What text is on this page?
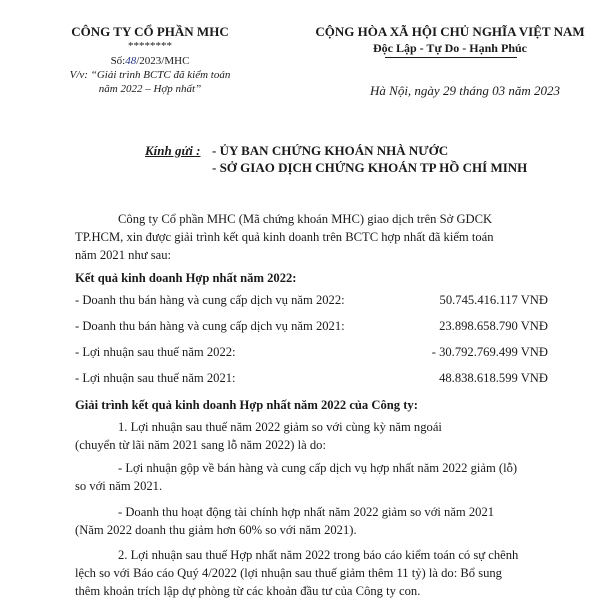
CÔNG TY CỔ PHẦN MHC
********
Số:48/2023/MHC
V/v: “Giải trình BCTC đã kiểm toán
năm 2022 – Hợp nhất”
CỘNG HÒA XÃ HỘI CHỦ NGHĨA VIỆT NAM
Độc Lập - Tự Do - Hạnh Phúc
Hà Nội, ngày 29 tháng 03 năm 2023
Kính gửi : - ỦY BAN CHỨNG KHOÁN NHÀ NƯỚC
- SỞ GIAO DỊCH CHỨNG KHOÁN TP HỒ CHÍ MINH
Công ty Cổ phần MHC (Mã chứng khoán MHC) giao dịch trên Sở GDCK
TP.HCM, xin được giải trình kết quả kinh doanh trên BCTC hợp nhất đã kiểm toán
năm 2021 như sau:
Kết quả kinh doanh Hợp nhất năm 2022:
- Doanh thu bán hàng và cung cấp dịch vụ năm 2022:	50.745.416.117 VNĐ
- Doanh thu bán hàng và cung cấp dịch vụ năm 2021:	23.898.658.790 VNĐ
- Lợi nhuận sau thuế năm 2022:	- 30.792.769.499 VNĐ
- Lợi nhuận sau thuế năm 2021:	48.838.618.599 VNĐ
Giải trình kết quả kinh doanh Hợp nhất năm 2022 của Công ty:
1. Lợi nhuận sau thuế năm 2022 giảm so với cùng kỳ năm ngoái
(chuyển từ lãi năm 2021 sang lỗ năm 2022) là do:
- Lợi nhuận gộp về bán hàng và cung cấp dịch vụ hợp nhất năm 2022 giảm (lỗ)
so với năm 2021.
- Doanh thu hoạt động tài chính hợp nhất năm 2022 giảm so với năm 2021
(Năm 2022 doanh thu giảm hơn 60% so với năm 2021).
2. Lợi nhuận sau thuế Hợp nhất năm 2022 trong báo cáo kiểm toán có sự chênh
lệch so với Báo cáo Quý 4/2022 (lợi nhuận sau thuế giảm thêm 11 tỷ) là do: Bổ sung
thêm khoản trích lập dự phòng từ các khoản đầu tư của Công ty con.
